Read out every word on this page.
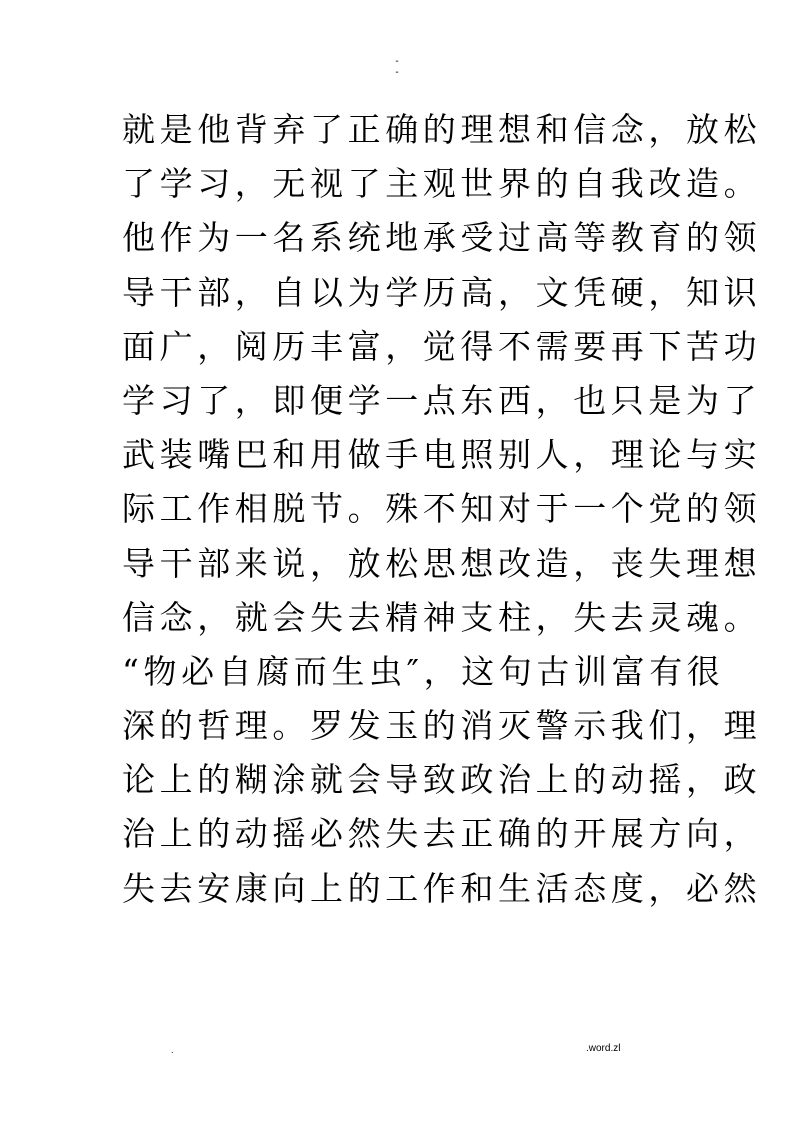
-
-
就是他背弃了正确的理想和信念，放松
了学习，无视了主观世界的自我改造。
他作为一名系统地承受过高等教育的领
导干部，自以为学历高，文凭硬，知识
面广，阅历丰富，觉得不需要再下苦功
学习了，即便学一点东西，也只是为了
武装嘴巴和用做手电照别人，理论与实
际工作相脱节。殊不知对于一个党的领
导干部来说，放松思想改造，丧失理想
信念，就会失去精神支柱，失去灵魂。
“物必自腐而生虫″，这句古训富有很
深的哲理。罗发玉的消灭警示我们，理
论上的糊涂就会导致政治上的动摇，政
治上的动摇必然失去正确的开展方向，
失去安康向上的工作和生活态度，必然
.	.word.zl
